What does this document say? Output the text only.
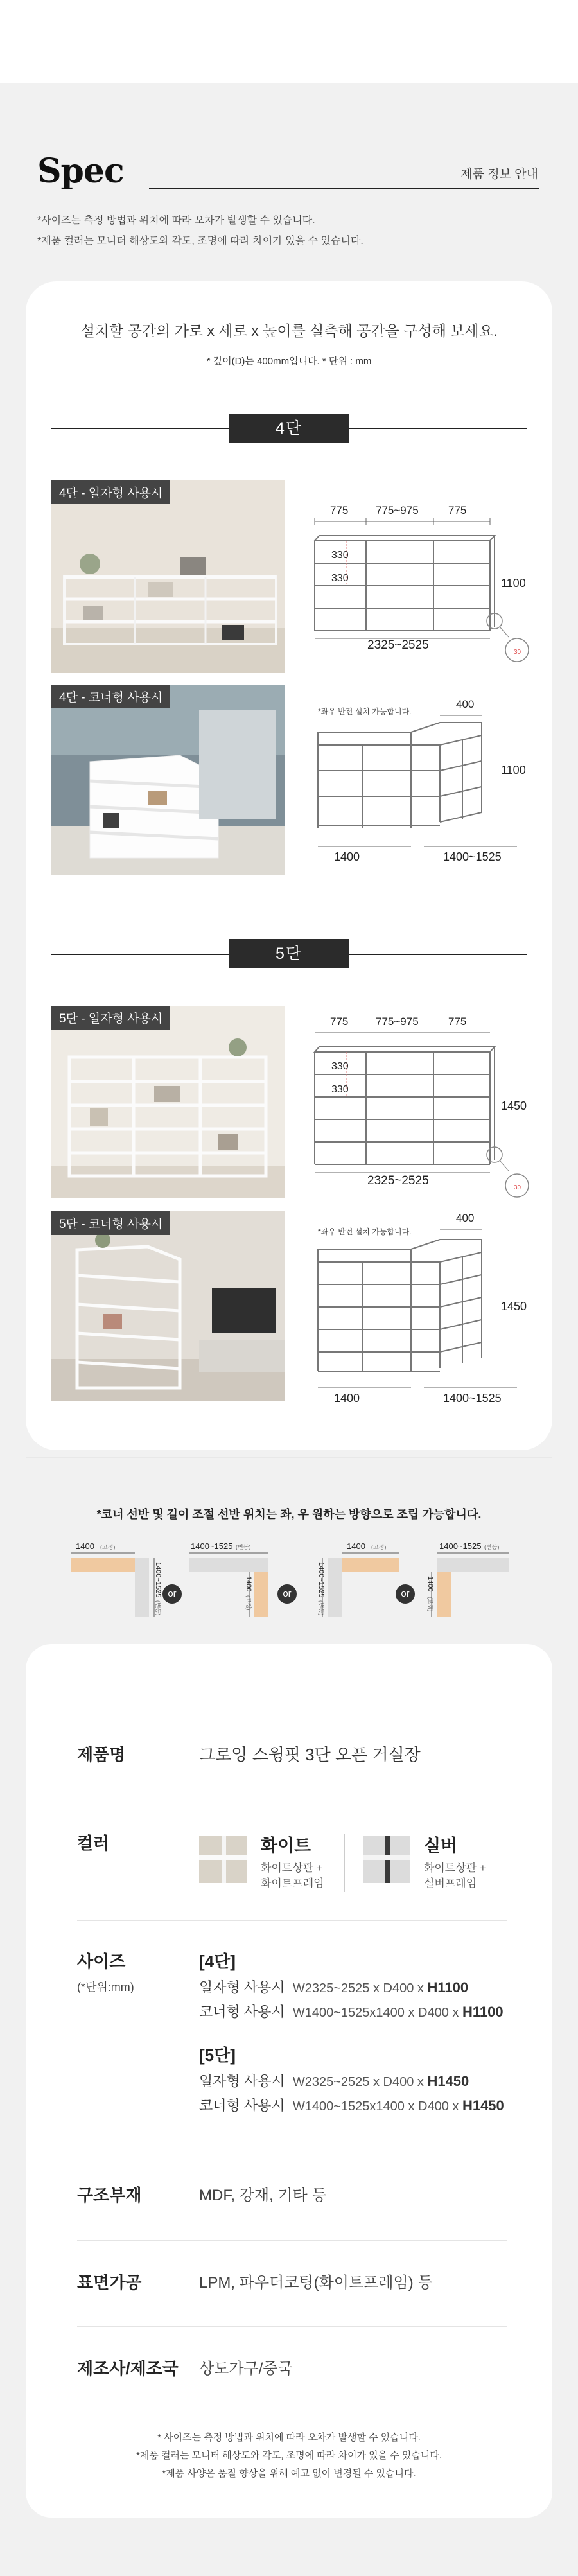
Spec	제품 정보 안내
*사이즈는 측정 방법과 위치에 따라 오차가 발생할 수 있습니다.
*제품 컬러는 모니터 해상도와 각도, 조명에 따라 차이가 있을 수 있습니다.
설치할 공간의 가로 x 세로 x 높이를 실측해 공간을 구성해 보세요.
* 깊이(D)는 400mm입니다. * 단위 : mm
4단
4단 - 일자형 사용시
775	775~975	775
330
330	1100
2325~2525
30
4단 - 코너형 사용시
*좌우 반전 설치 가능합니다.
400
1100
1400	1400~1525
5단
5단 - 일자형 사용시	775	775~975	775
330
330
1450
2325~2525
30
5단 - 코너형 사용시
*좌우 반전 설치 가능합니다.
400
1450
1400	1400~1525
*코너 선반 및 길이 조절 선반 위치는 좌, 우 원하는 방향으로 조립 가능합니다.
1400 (고정)
1400~1525
(변동)
or
1400~1525 (변동)
1400
(고정)
or
1400 (고정)
1400~1525
(변동)
or
1400~1525 (변동)
1400
(고정)
제품명	그로잉 스윙핏 3단 오픈 거실장
컬러	화이트
화이트상판 +
화이트프레임
실버
화이트상판 +
실버프레임
사이즈
(*단위:mm)
[4단]
일자형 사용시 W2325~2525 x D400 x H1100
코너형 사용시 W1400~1525x1400 x D400 x H1100
[5단]
일자형 사용시 W2325~2525 x D400 x H1450
코너형 사용시 W1400~1525x1400 x D400 x H1450
구조부재	MDF, 강재, 기타 등
표면가공	LPM, 파우더코팅(화이트프레임) 등
제조사/제조국 상도가구/중국
* 사이즈는 측정 방법과 위치에 따라 오차가 발생할 수 있습니다.
*제품 컬러는 모니터 해상도와 각도, 조명에 따라 차이가 있을 수 있습니다.
*제품 사양은 품질 향상을 위해 예고 없이 변경될 수 있습니다.
